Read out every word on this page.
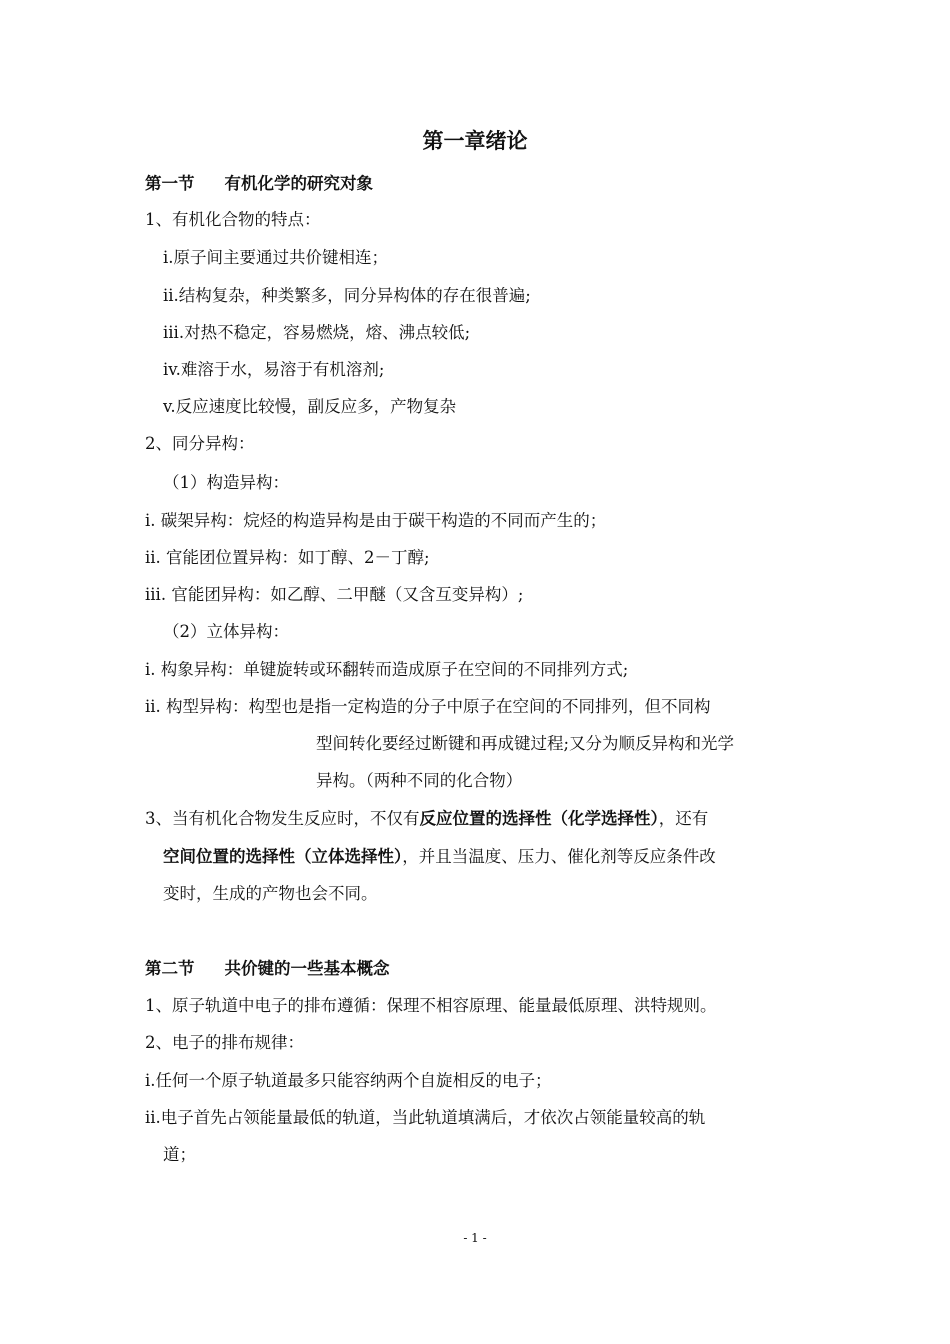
第一章绪论
第一节 有机化学的研究对象
1、有机化合物的特点：
i.原子间主要通过共价键相连；
ii.结构复杂，种类繁多，同分异构体的存在很普遍;
iii.对热不稳定，容易燃烧，熔、沸点较低;
iv.难溶于水，易溶于有机溶剂;
v.反应速度比较慢，副反应多，产物复杂
2、同分异构：
（1）构造异构：
i. 碳架异构：烷烃的构造异构是由于碳干构造的不同而产生的；
ii. 官能团位置异构：如丁醇、2－丁醇;
iii. 官能团异构：如乙醇、二甲醚（又含互变异构）;
（2）立体异构：
i. 构象异构：单键旋转或环翻转而造成原子在空间的不同排列方式;
ii. 构型异构：构型也是指一定构造的分子中原子在空间的不同排列，但不同构
型间转化要经过断键和再成键过程;又分为顺反异构和光学
异构。（两种不同的化合物）
3、当有机化合物发生反应时，不仅有反应位置的选择性（化学选择性），还有
空间位置的选择性（立体选择性），并且当温度、压力、催化剂等反应条件改
变时，生成的产物也会不同。
第二节 共价键的一些基本概念
1、原子轨道中电子的排布遵循：保理不相容原理、能量最低原理、洪特规则。
2、电子的排布规律：
i.任何一个原子轨道最多只能容纳两个自旋相反的电子；
ii.电子首先占领能量最低的轨道，当此轨道填满后，才依次占领能量较高的轨
道；
- 1 -
